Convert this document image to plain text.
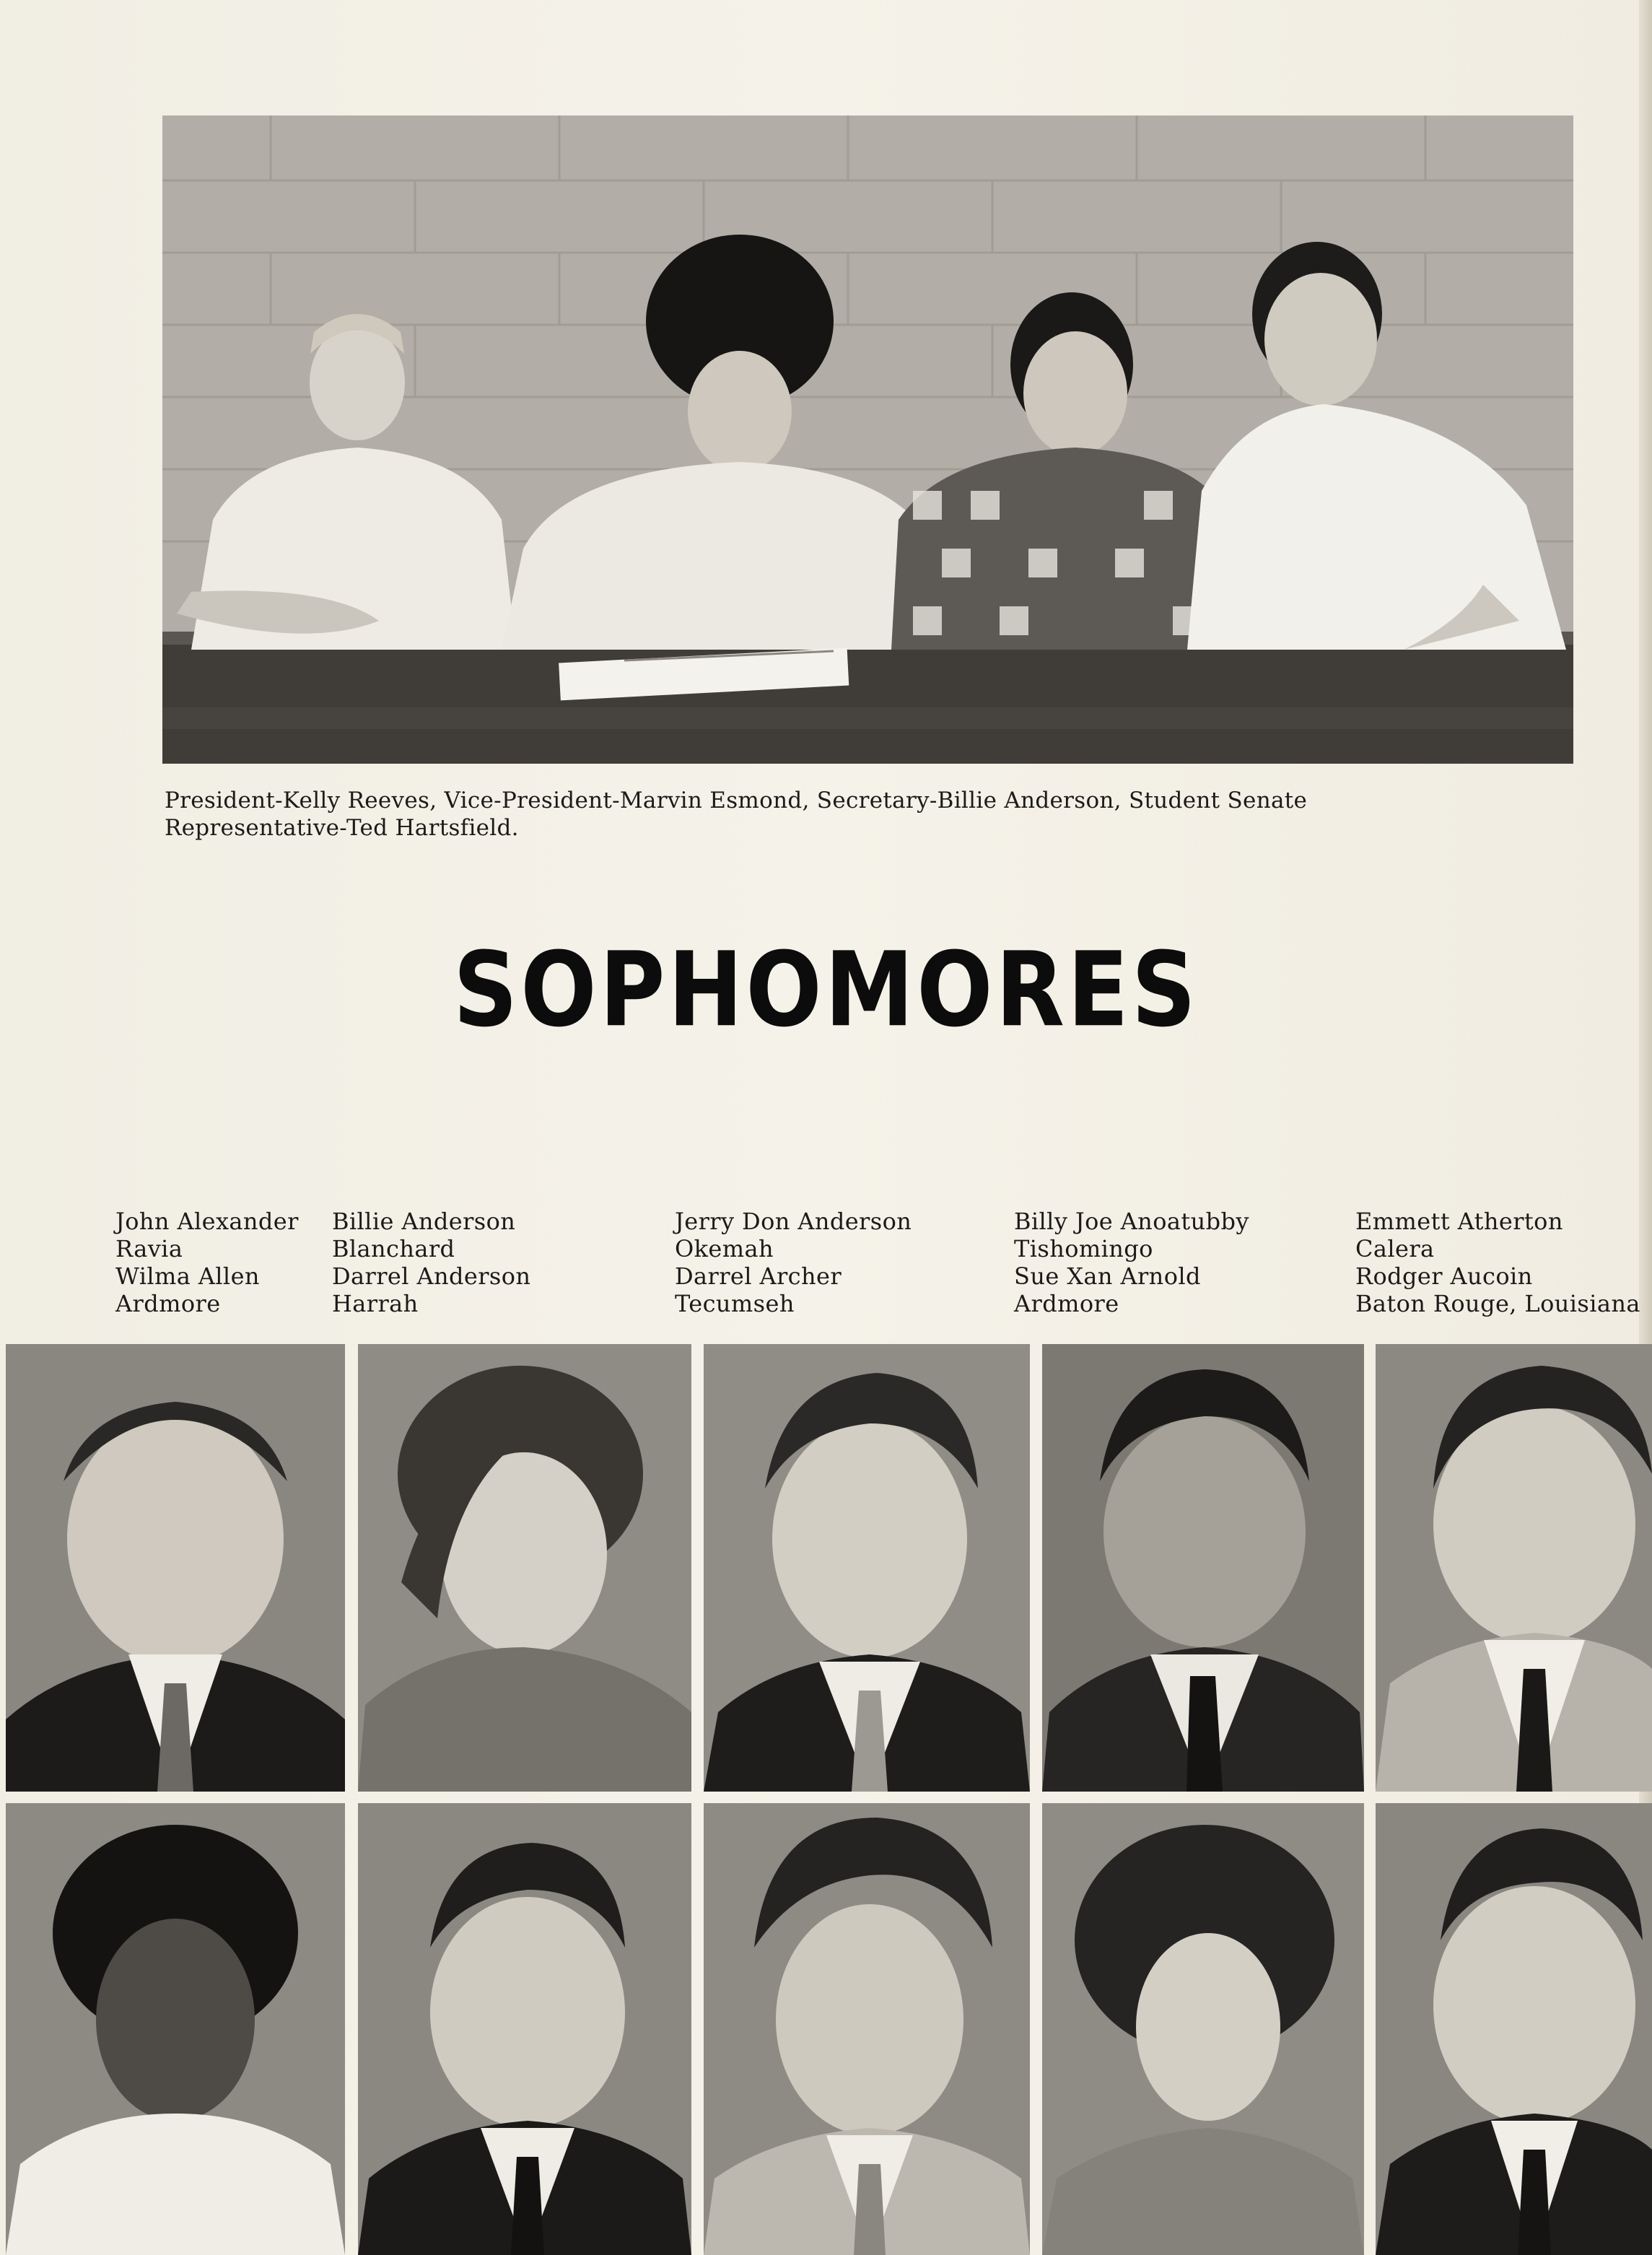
President-Kelly Reeves, Vice-President-Marvin Esmond, Secretary-Billie Anderson, Student Senate
Representative-Ted Hartsfield.
SOPHOMORES
John Alexander
Ravia
Wilma Allen
Ardmore
Billie Anderson
Blanchard
Darrel Anderson
Harrah
Jerry Don Anderson
Okemah
Darrel Archer
Tecumseh
Billy Joe Anoatubby
Tishomingo
Sue Xan Arnold
Ardmore
Emmett Atherton
Calera
Rodger Aucoin
Baton Rouge, Louisiana
